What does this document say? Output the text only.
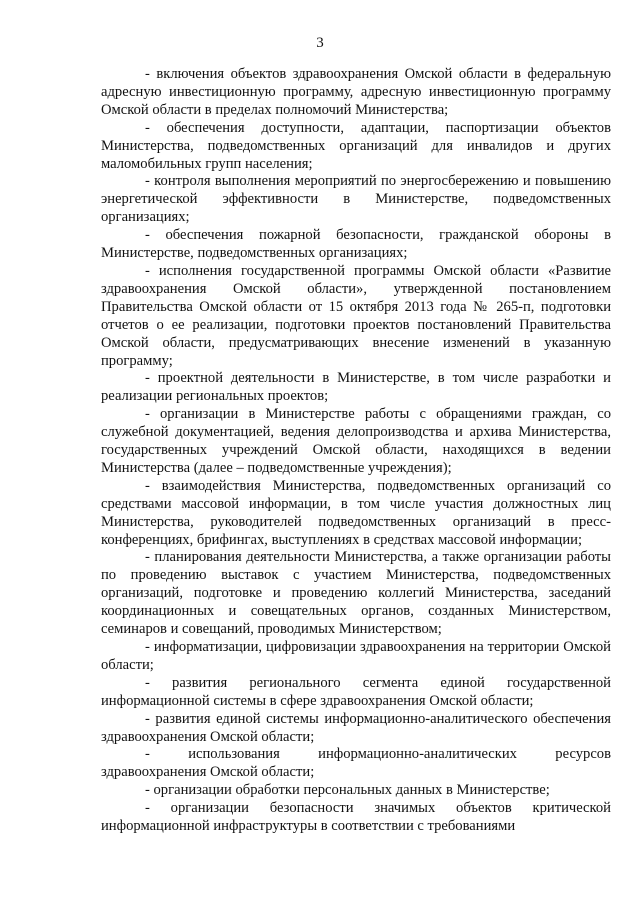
3

- включения объектов здравоохранения Омской области в федеральную адресную инвестиционную программу, адресную инвестиционную программу Омской области в пределах полномочий Министерства;

- обеспечения доступности, адаптации, паспортизации объектов Министерства, подведомственных организаций для инвалидов и других маломобильных групп населения;

- контроля выполнения мероприятий по энергосбережению и повышению энергетической эффективности в Министерстве, подведомственных организациях;

- обеспечения пожарной безопасности, гражданской обороны в Министерстве, подведомственных организациях;

- исполнения государственной программы Омской области «Развитие здравоохранения Омской области», утвержденной постановлением Правительства Омской области от 15 октября 2013 года № 265-п, подготовки отчетов о ее реализации, подготовки проектов постановлений Правительства Омской области, предусматривающих внесение изменений в указанную программу;

- проектной деятельности в Министерстве, в том числе разработки и реализации региональных проектов;

- организации в Министерстве работы с обращениями граждан, со служебной документацией, ведения делопроизводства и архива Министерства, государственных учреждений Омской области, находящихся в ведении Министерства (далее – подведомственные учреждения);

- взаимодействия Министерства, подведомственных организаций со средствами массовой информации, в том числе участия должностных лиц Министерства, руководителей подведомственных организаций в пресс-конференциях, брифингах, выступлениях в средствах массовой информации;

- планирования деятельности Министерства, а также организации работы по проведению выставок с участием Министерства, подведомственных организаций, подготовке и проведению коллегий Министерства, заседаний координационных и совещательных органов, созданных Министерством, семинаров и совещаний, проводимых Министерством;

- информатизации, цифровизации здравоохранения на территории Омской области;

- развития регионального сегмента единой государственной информационной системы в сфере здравоохранения Омской области;

- развития единой системы информационно-аналитического обеспечения здравоохранения Омской области;

- использования информационно-аналитических ресурсов здравоохранения Омской области;

- организации обработки персональных данных в Министерстве;

- организации безопасности значимых объектов критической информационной инфраструктуры в соответствии с требованиями
